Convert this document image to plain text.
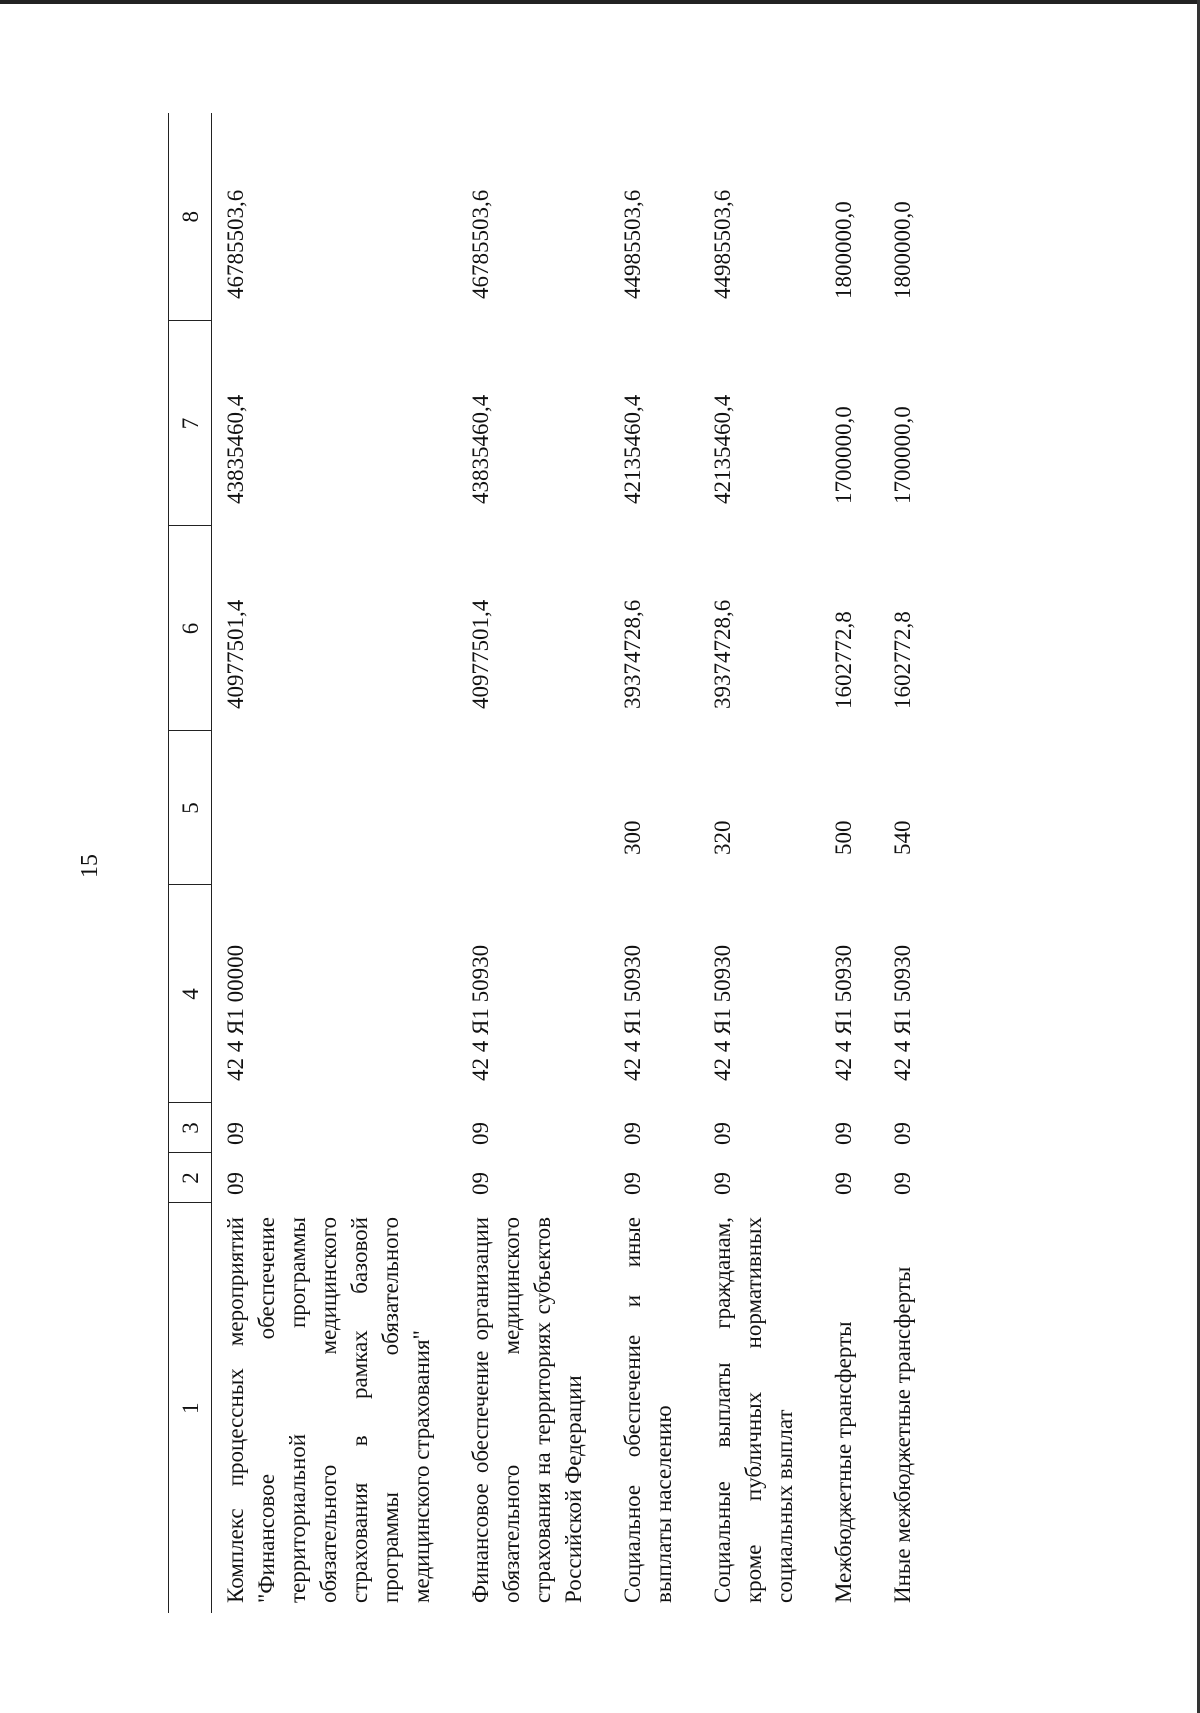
15
1	2	3	4	5	6	7	8
Комплекс процессных мероприятий "Финансовое обеспечение территориальной программы обязательного медицинского страхования в рамках базовой программы обязательного медицинского страхования"	09	09	42 4 Я1 00000		40977501,4	43835460,4	46785503,6
Финансовое обеспечение организации обязательного медицинского страхования на территориях субъектов Российской Федерации	09	09	42 4 Я1 50930		40977501,4	43835460,4	46785503,6
Социальное обеспечение и иные выплаты населению	09	09	42 4 Я1 50930	300	39374728,6	42135460,4	44985503,6
Социальные выплаты гражданам, кроме публичных нормативных социальных выплат	09	09	42 4 Я1 50930	320	39374728,6	42135460,4	44985503,6
Межбюджетные трансферты	09	09	42 4 Я1 50930	500	1602772,8	1700000,0	1800000,0
Иные межбюджетные трансферты	09	09	42 4 Я1 50930	540	1602772,8	1700000,0	1800000,0
